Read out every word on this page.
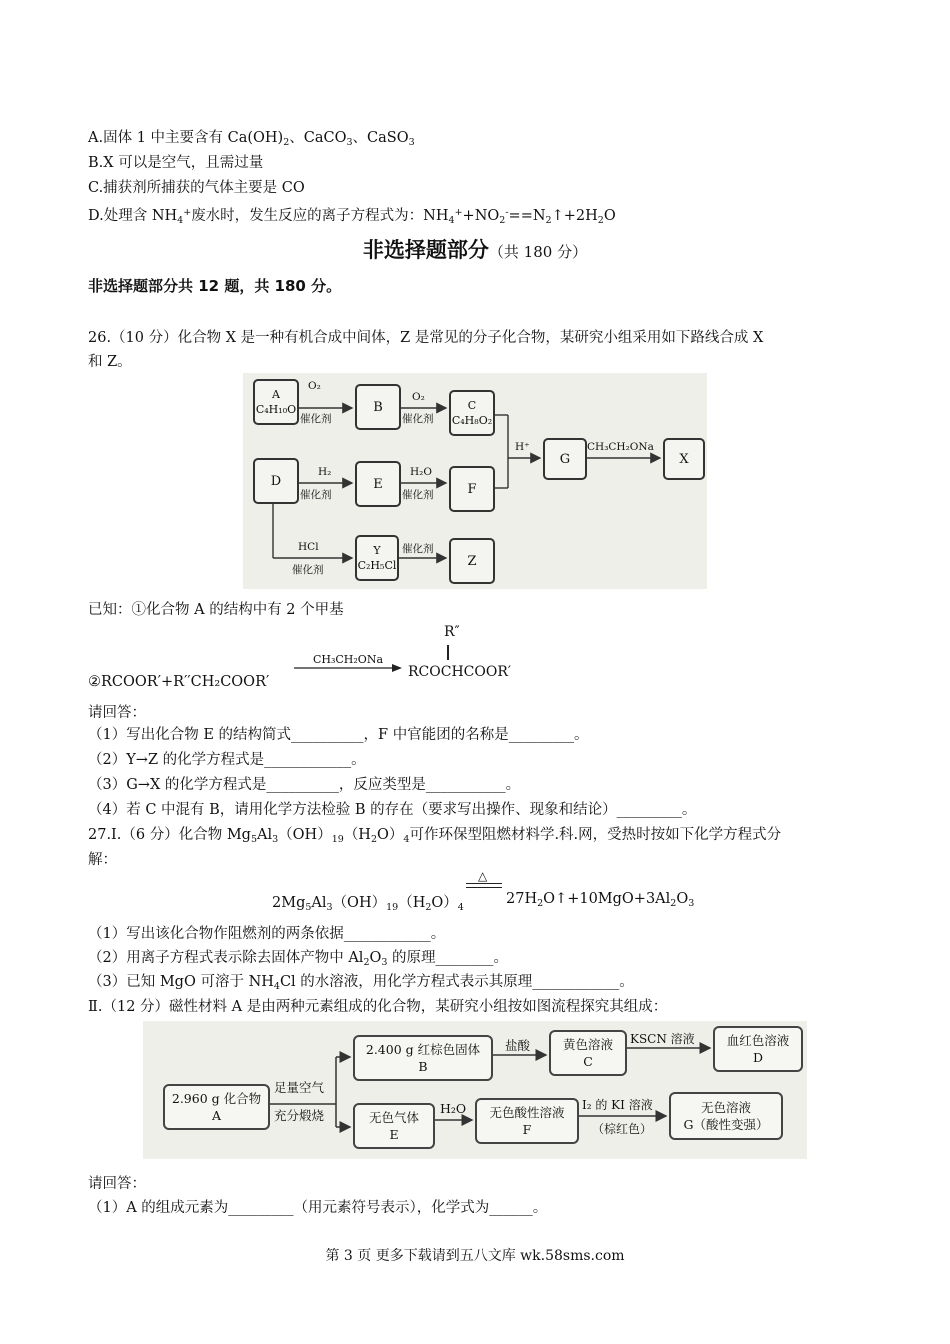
A.固体 1 中主要含有 $Ca(OH)_2$、CaCO$_3$、CaSO$_3$
B.X 可以是空气，且需过量
C.捕获剂所捕获的气体主要是 CO
D.处理含 $NH_4^+$废水时，发生反应的离子方程式为：$NH_4^++NO_2^-==N_2↑+2H_2O$
非选择题部分（共 180 分）
非选择题部分共 12 题，共 180 分。
26.（10 分）化合物 X 是一种有机合成中间体，Z 是常见的分子化合物，某研究小组采用如下路线合成 X
和 Z。
A
C₄H₁₀O	B	C
C₄H₈O₂
D	E	F
G	X
Y
C₂H₅Cl	Z
O₂
催化剂
O₂
催化剂
H₂
催化剂
H₂O
催化剂
H⁺	CH₃CH₂ONa
HCl
催化剂
催化剂
已知：①化合物 A 的结构中有 2 个甲基
②RCOOR′+R′′CH₂COOR′
CH₃CH₂ONa
R″
RCOCHCOOR′
请回答：
（1）写出化合物 E 的结构简式__________，F 中官能团的名称是_________。
（2）Y→Z 的化学方程式是____________。
（3）G→X 的化学方程式是__________，反应类型是___________。
（4）若 C 中混有 B，请用化学方法检验 B 的存在（要求写出操作、现象和结论）_________。
27.Ⅰ.（6 分）化合物 $Mg_5Al_3(OH)_{19}(H_2O)_4$可作环保型阻燃材料学.科.网，受热时按如下化学方程式分
解：
$2Mg_5Al_3(OH)_{19}(H_2O)_4$
△
$27H_2O↑+10MgO+3Al_2O_3$
（1）写出该化合物作阻燃剂的两条依据____________。
（2）用离子方程式表示除去固体产物中 $Al_2O_3$ 的原理________。
（3）已知 MgO 可溶于 $NH_4Cl$ 的水溶液，用化学方程式表示其原理____________。
Ⅱ.（12 分）磁性材料 A 是由两种元素组成的化合物，某研究小组按如图流程探究其组成：
2.960 g 化合物
A
足量空气
充分煅烧
2.400 g 红棕色固体
B
盐酸	黄色溶液
C
KSCN 溶液	血红色溶液
D
无色气体
E
H₂O 无色酸性溶液
F
I₂ 的 KI 溶液
（棕红色）
无色溶液
G（酸性变强）
请回答：
（1）A 的组成元素为_________（用元素符号表示），化学式为______。
第 3 页 更多下载请到五八文库 wk.58sms.com
